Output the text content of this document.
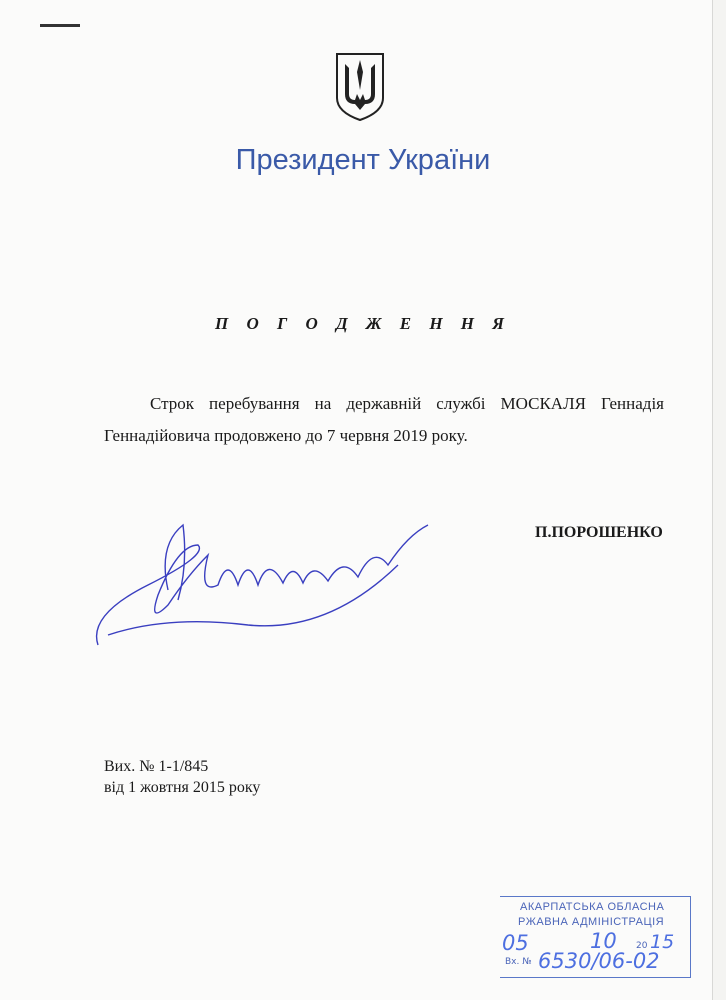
Президент України
П О Г О Д Ж Е Н Н Я
Строк перебування на державній службі МОСКАЛЯ Геннадія Геннадійовича продовжено до 7 червня 2019 року.
П.ПОРОШЕНКО
Вих. № 1-1/845
від 1 жовтня 2015 року
АКАРПАТСЬКА ОБЛАСНА
РЖАВНА АДМІНІСТРАЦІЯ
05	10 20 15
Вх. № 6530/06-02
